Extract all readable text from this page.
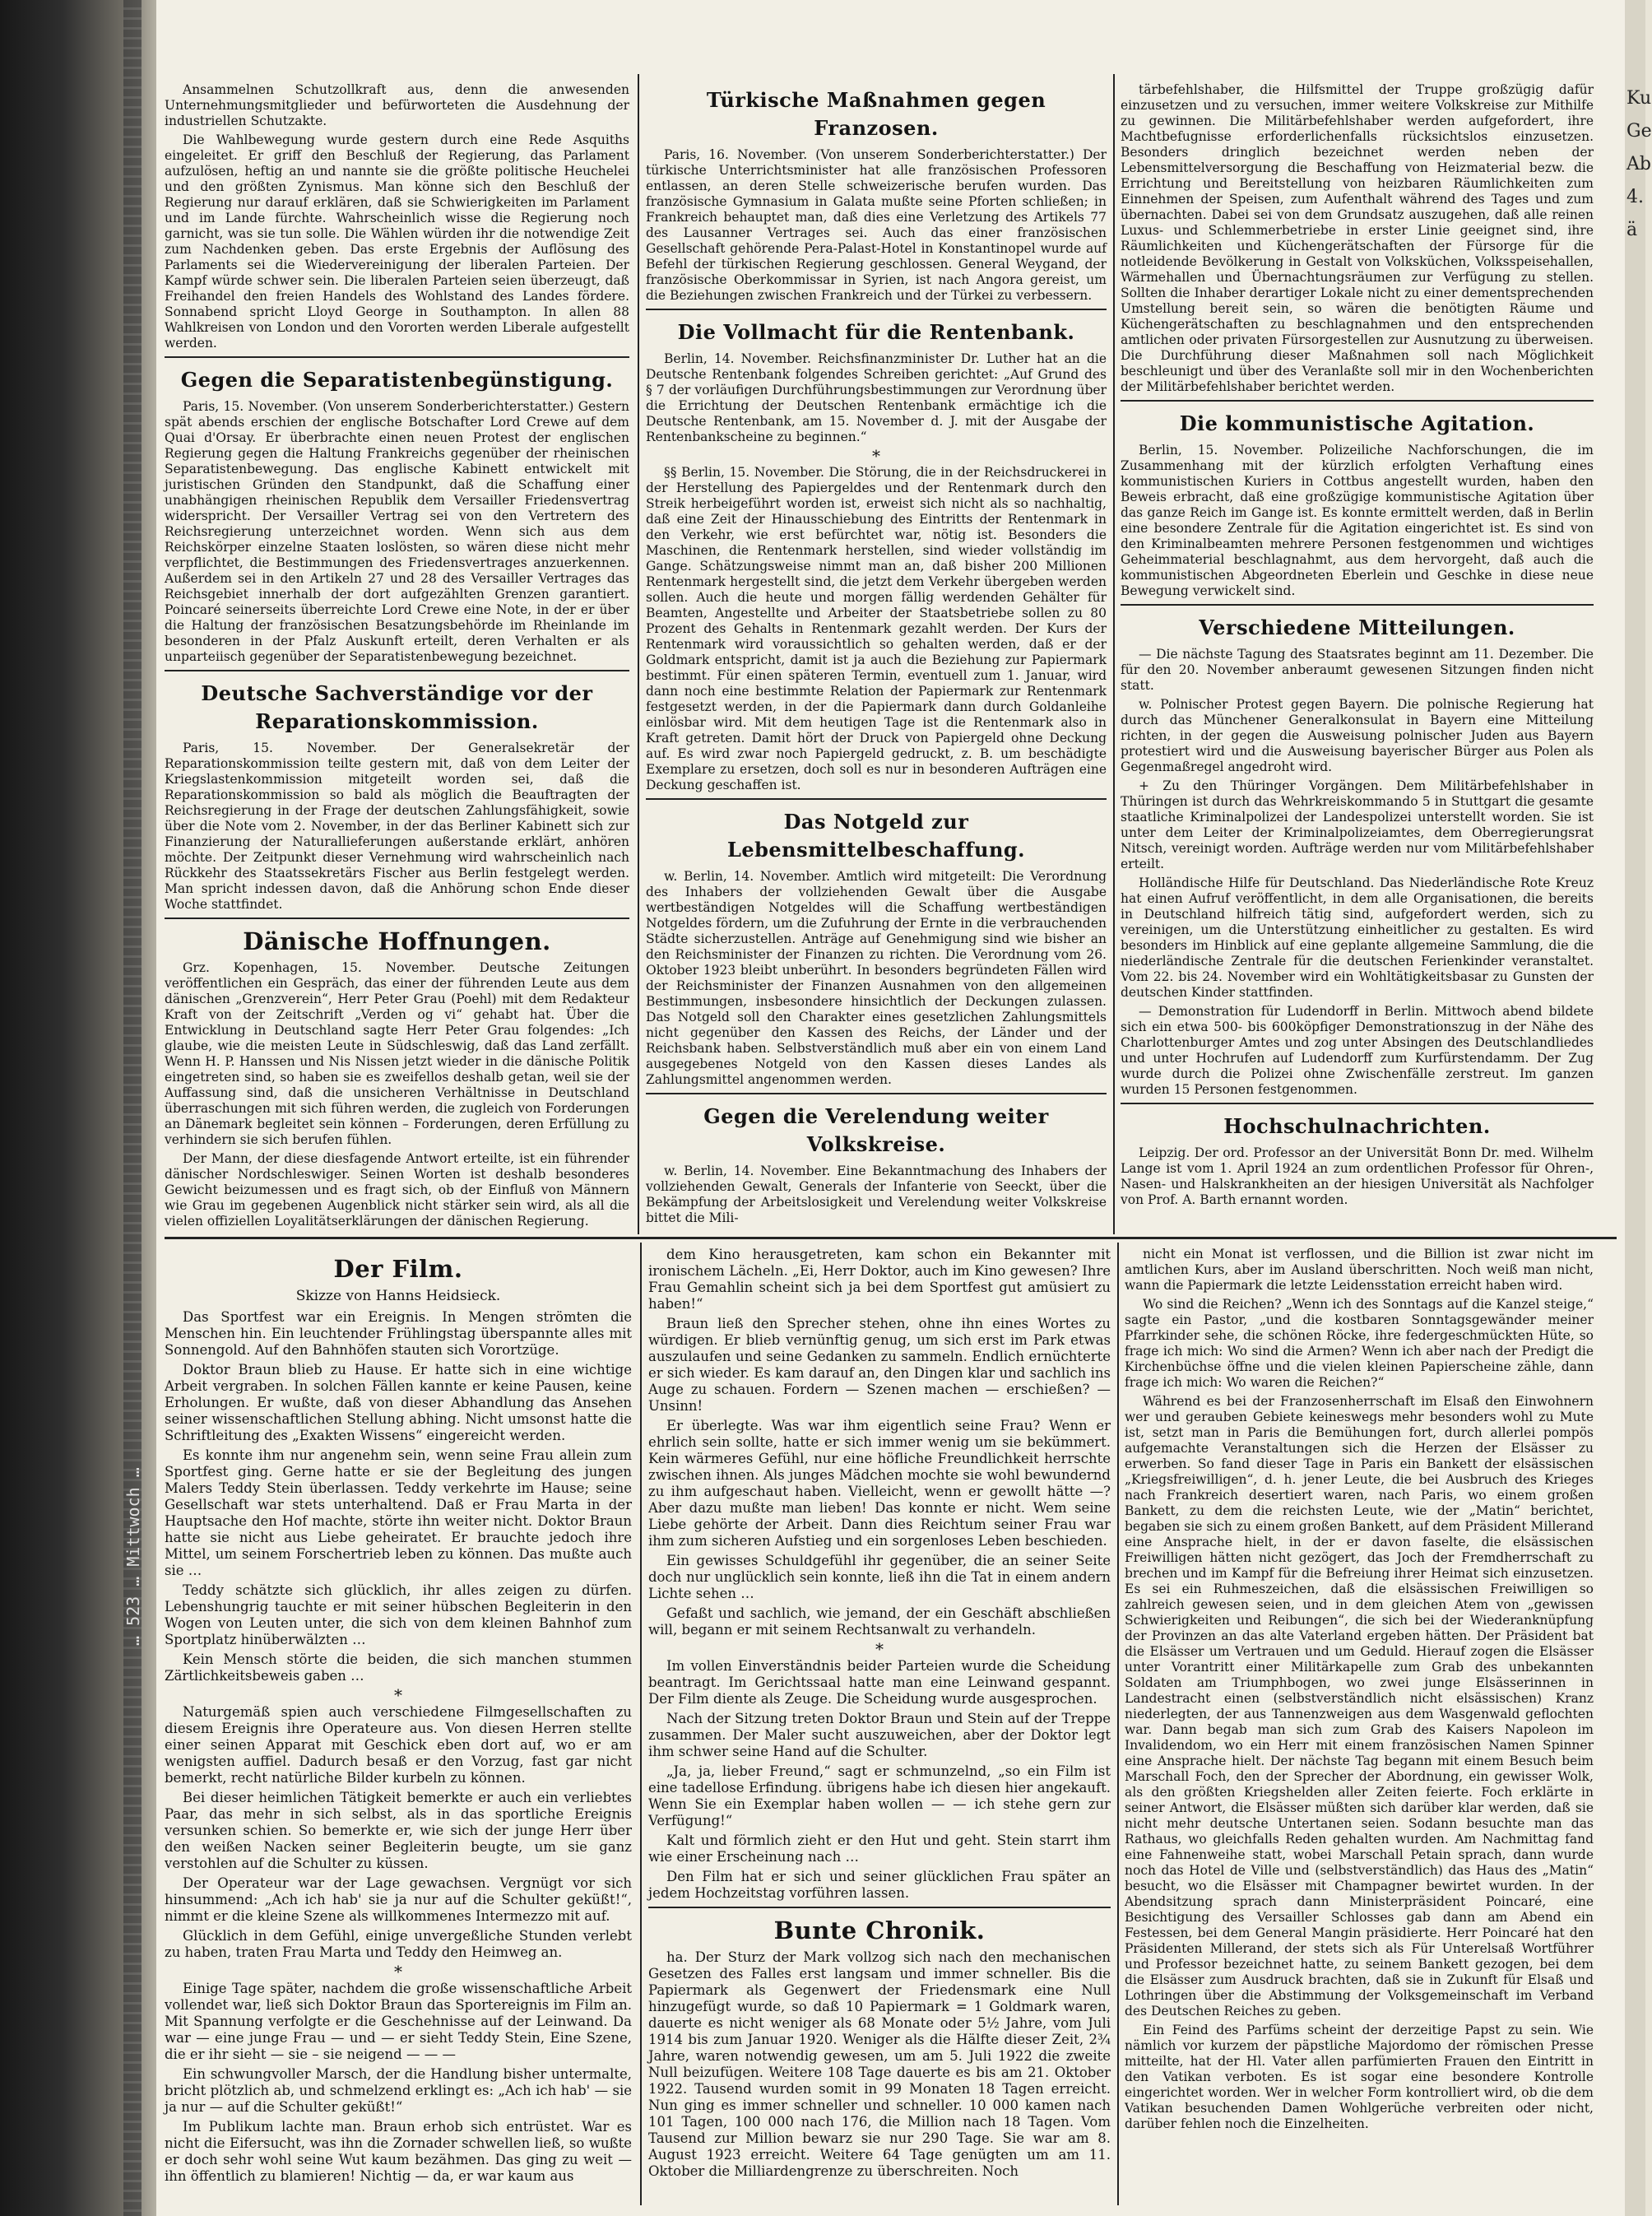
… 523 … Mittwoch …
Ku Ge Ab 4. ä

Ansammelnen Schutzollkraft aus, denn die anwesenden Unternehmungsmitglieder und befürworteten die Ausdehnung der industriellen Schutzakte.

Die Wahlbewegung wurde gestern durch eine Rede Asquiths eingeleitet. Er griff den Beschluß der Regierung, das Parlament aufzulösen, heftig an und nannte sie die größte politische Heuchelei und den größten Zynismus. Man könne sich den Beschluß der Regierung nur darauf erklären, daß sie Schwierigkeiten im Parlament und im Lande fürchte. Wahrscheinlich wisse die Regierung noch garnicht, was sie tun solle. Die Wählen würden ihr die notwendige Zeit zum Nachdenken geben. Das erste Ergebnis der Auflösung des Parlaments sei die Wiedervereinigung der liberalen Parteien. Der Kampf würde schwer sein. Die liberalen Parteien seien überzeugt, daß Freihandel den freien Handels des Wohlstand des Landes fördere. Sonnabend spricht Lloyd George in Southampton. In allen 88 Wahlkreisen von London und den Vororten werden Liberale aufgestellt werden.

Gegen die Separatistenbegünstigung.

Paris, 15. November. (Von unserem Sonderberichterstatter.) Gestern spät abends erschien der englische Botschafter Lord Crewe auf dem Quai d'Orsay. Er überbrachte einen neuen Protest der englischen Regierung gegen die Haltung Frankreichs gegenüber der rheinischen Separatistenbewegung. Das englische Kabinett entwickelt mit juristischen Gründen den Standpunkt, daß die Schaffung einer unabhängigen rheinischen Republik dem Versailler Friedensvertrag widerspricht. Der Versailler Vertrag sei von den Vertretern des Reichsregierung unterzeichnet worden. Wenn sich aus dem Reichskörper einzelne Staaten loslösten, so wären diese nicht mehr verpflichtet, die Bestimmungen des Friedensvertrages anzuerkennen. Außerdem sei in den Artikeln 27 und 28 des Versailler Vertrages das Reichsgebiet innerhalb der dort aufgezählten Grenzen garantiert. Poincaré seinerseits überreichte Lord Crewe eine Note, in der er über die Haltung der französischen Besatzungsbehörde im Rheinlande im besonderen in der Pfalz Auskunft erteilt, deren Verhalten er als unparteiisch gegenüber der Separatistenbewegung bezeichnet.

Deutsche Sachverständige vor der Reparationskommission.

Paris, 15. November. Der Generalsekretär der Reparationskommission teilte gestern mit, daß von dem Leiter der Kriegslastenkommission mitgeteilt worden sei, daß die Reparationskommission so bald als möglich die Beauftragten der Reichsregierung in der Frage der deutschen Zahlungsfähigkeit, sowie über die Note vom 2. November, in der das Berliner Kabinett sich zur Finanzierung der Naturallieferungen außerstande erklärt, anhören möchte. Der Zeitpunkt dieser Vernehmung wird wahrscheinlich nach Rückkehr des Staatssekretärs Fischer aus Berlin festgelegt werden. Man spricht indessen davon, daß die Anhörung schon Ende dieser Woche stattfindet.

Dänische Hoffnungen.

Grz. Kopenhagen, 15. November. Deutsche Zeitungen veröffentlichen ein Gespräch, das einer der führenden Leute aus dem dänischen „Grenzverein“, Herr Peter Grau (Poehl) mit dem Redakteur Kraft von der Zeitschrift „Verden og vi“ gehabt hat. Über die Entwicklung in Deutschland sagte Herr Peter Grau folgendes: „Ich glaube, wie die meisten Leute in Südschleswig, daß das Land zerfällt. Wenn H. P. Hanssen und Nis Nissen jetzt wieder in die dänische Politik eingetreten sind, so haben sie es zweifellos deshalb getan, weil sie der Auffassung sind, daß die unsicheren Verhältnisse in Deutschland überraschungen mit sich führen werden, die zugleich von Forderungen an Dänemark begleitet sein können – Forderungen, deren Erfüllung zu verhindern sie sich berufen fühlen.

Der Mann, der diese diesfagende Antwort erteilte, ist ein führender dänischer Nordschleswiger. Seinen Worten ist deshalb besonderes Gewicht beizumessen und es fragt sich, ob der Einfluß von Männern wie Grau im gegebenen Augenblick nicht stärker sein wird, als all die vielen offiziellen Loyalitätserklärungen der dänischen Regierung.

Türkische Maßnahmen gegen Franzosen.

Paris, 16. November. (Von unserem Sonderberichterstatter.) Der türkische Unterrichtsminister hat alle französischen Professoren entlassen, an deren Stelle schweizerische berufen wurden. Das französische Gymnasium in Galata mußte seine Pforten schließen; in Frankreich behauptet man, daß dies eine Verletzung des Artikels 77 des Lausanner Vertrages sei. Auch das einer französischen Gesellschaft gehörende Pera-Palast-Hotel in Konstantinopel wurde auf Befehl der türkischen Regierung geschlossen. General Weygand, der französische Oberkommissar in Syrien, ist nach Angora gereist, um die Beziehungen zwischen Frankreich und der Türkei zu verbessern.

Die Vollmacht für die Rentenbank.

Berlin, 14. November. Reichsfinanzminister Dr. Luther hat an die Deutsche Rentenbank folgendes Schreiben gerichtet: „Auf Grund des § 7 der vorläufigen Durchführungsbestimmungen zur Verordnung über die Errichtung der Deutschen Rentenbank ermächtige ich die Deutsche Rentenbank, am 15. November d. J. mit der Ausgabe der Rentenbankscheine zu beginnen.“

*

§§ Berlin, 15. November. Die Störung, die in der Reichsdruckerei in der Herstellung des Papiergeldes und der Rentenmark durch den Streik herbeigeführt worden ist, erweist sich nicht als so nachhaltig, daß eine Zeit der Hinausschiebung des Eintritts der Rentenmark in den Verkehr, wie erst befürchtet war, nötig ist. Besonders die Maschinen, die Rentenmark herstellen, sind wieder vollständig im Gange. Schätzungsweise nimmt man an, daß bisher 200 Millionen Rentenmark hergestellt sind, die jetzt dem Verkehr übergeben werden sollen. Auch die heute und morgen fällig werdenden Gehälter für Beamten, Angestellte und Arbeiter der Staatsbetriebe sollen zu 80 Prozent des Gehalts in Rentenmark gezahlt werden. Der Kurs der Rentenmark wird voraussichtlich so gehalten werden, daß er der Goldmark entspricht, damit ist ja auch die Beziehung zur Papiermark bestimmt. Für einen späteren Termin, eventuell zum 1. Januar, wird dann noch eine bestimmte Relation der Papiermark zur Rentenmark festgesetzt werden, in der die Papiermark dann durch Goldanleihe einlösbar wird. Mit dem heutigen Tage ist die Rentenmark also in Kraft getreten. Damit hört der Druck von Papiergeld ohne Deckung auf. Es wird zwar noch Papiergeld gedruckt, z. B. um beschädigte Exemplare zu ersetzen, doch soll es nur in besonderen Aufträgen eine Deckung geschaffen ist.

Das Notgeld zur Lebensmittelbeschaffung.

w. Berlin, 14. November. Amtlich wird mitgeteilt: Die Verordnung des Inhabers der vollziehenden Gewalt über die Ausgabe wertbeständigen Notgeldes will die Schaffung wertbeständigen Notgeldes fördern, um die Zufuhrung der Ernte in die verbrauchenden Städte sicherzustellen. Anträge auf Genehmigung sind wie bisher an den Reichsminister der Finanzen zu richten. Die Verordnung vom 26. Oktober 1923 bleibt unberührt. In besonders begründeten Fällen wird der Reichsminister der Finanzen Ausnahmen von den allgemeinen Bestimmungen, insbesondere hinsichtlich der Deckungen zulassen. Das Notgeld soll den Charakter eines gesetzlichen Zahlungsmittels nicht gegenüber den Kassen des Reichs, der Länder und der Reichsbank haben. Selbstverständlich muß aber ein von einem Land ausgegebenes Notgeld von den Kassen dieses Landes als Zahlungsmittel angenommen werden.

Gegen die Verelendung weiter Volkskreise.

w. Berlin, 14. November. Eine Bekanntmachung des Inhabers der vollziehenden Gewalt, Generals der Infanterie von Seeckt, über die Bekämpfung der Arbeitslosigkeit und Verelendung weiter Volkskreise bittet die Mili-

tärbefehlshaber, die Hilfsmittel der Truppe großzügig dafür einzusetzen und zu versuchen, immer weitere Volkskreise zur Mithilfe zu gewinnen. Die Militärbefehlshaber werden aufgefordert, ihre Machtbefugnisse erforderlichenfalls rücksichtslos einzusetzen. Besonders dringlich bezeichnet werden neben der Lebensmittelversorgung die Beschaffung von Heizmaterial bezw. die Errichtung und Bereitstellung von heizbaren Räumlichkeiten zum Einnehmen der Speisen, zum Aufenthalt während des Tages und zum übernachten. Dabei sei von dem Grundsatz auszugehen, daß alle reinen Luxus- und Schlemmerbetriebe in erster Linie geeignet sind, ihre Räumlichkeiten und Küchengerätschaften der Fürsorge für die notleidende Bevölkerung in Gestalt von Volksküchen, Volksspeisehallen, Wärmehallen und Übernachtungsräumen zur Verfügung zu stellen. Sollten die Inhaber derartiger Lokale nicht zu einer dementsprechenden Umstellung bereit sein, so wären die benötigten Räume und Küchengerätschaften zu beschlagnahmen und den entsprechenden amtlichen oder privaten Fürsorgestellen zur Ausnutzung zu überweisen. Die Durchführung dieser Maßnahmen soll nach Möglichkeit beschleunigt und über des Veranlaßte soll mir in den Wochenberichten der Militärbefehlshaber berichtet werden.

Die kommunistische Agitation.

Berlin, 15. November. Polizeiliche Nachforschungen, die im Zusammenhang mit der kürzlich erfolgten Verhaftung eines kommunistischen Kuriers in Cottbus angestellt wurden, haben den Beweis erbracht, daß eine großzügige kommunistische Agitation über das ganze Reich im Gange ist. Es konnte ermittelt werden, daß in Berlin eine besondere Zentrale für die Agitation eingerichtet ist. Es sind von den Kriminalbeamten mehrere Personen festgenommen und wichtiges Geheimmaterial beschlagnahmt, aus dem hervorgeht, daß auch die kommunistischen Abgeordneten Eberlein und Geschke in diese neue Bewegung verwickelt sind.

Verschiedene Mitteilungen.

— Die nächste Tagung des Staatsrates beginnt am 11. Dezember. Die für den 20. November anberaumt gewesenen Sitzungen finden nicht statt.

w. Polnischer Protest gegen Bayern. Die polnische Regierung hat durch das Münchener Generalkonsulat in Bayern eine Mitteilung richten, in der gegen die Ausweisung polnischer Juden aus Bayern protestiert wird und die Ausweisung bayerischer Bürger aus Polen als Gegenmaßregel angedroht wird.

+ Zu den Thüringer Vorgängen. Dem Militärbefehlshaber in Thüringen ist durch das Wehrkreiskommando 5 in Stuttgart die gesamte staatliche Kriminalpolizei der Landespolizei unterstellt worden. Sie ist unter dem Leiter der Kriminalpolizeiamtes, dem Oberregierungsrat Nitsch, vereinigt worden. Aufträge werden nur vom Militärbefehlshaber erteilt.

Holländische Hilfe für Deutschland. Das Niederländische Rote Kreuz hat einen Aufruf veröffentlicht, in dem alle Organisationen, die bereits in Deutschland hilfreich tätig sind, aufgefordert werden, sich zu vereinigen, um die Unterstützung einheitlicher zu gestalten. Es wird besonders im Hinblick auf eine geplante allgemeine Sammlung, die die niederländische Zentrale für die deutschen Ferienkinder veranstaltet. Vom 22. bis 24. November wird ein Wohltätigkeitsbasar zu Gunsten der deutschen Kinder stattfinden.

— Demonstration für Ludendorff in Berlin. Mittwoch abend bildete sich ein etwa 500- bis 600köpfiger Demonstrationszug in der Nähe des Charlottenburger Amtes und zog unter Absingen des Deutschlandliedes und unter Hochrufen auf Ludendorff zum Kurfürstendamm. Der Zug wurde durch die Polizei ohne Zwischenfälle zerstreut. Im ganzen wurden 15 Personen festgenommen.

Hochschulnachrichten.

Leipzig. Der ord. Professor an der Universität Bonn Dr. med. Wilhelm Lange ist vom 1. April 1924 an zum ordentlichen Professor für Ohren-, Nasen- und Halskrankheiten an der hiesigen Universität als Nachfolger von Prof. A. Barth ernannt worden.

Der Film.
Skizze von Hanns Heidsieck.

Das Sportfest war ein Ereignis. In Mengen strömten die Menschen hin. Ein leuchtender Frühlingstag überspannte alles mit Sonnengold. Auf den Bahnhöfen stauten sich Vorortzüge.

Doktor Braun blieb zu Hause. Er hatte sich in eine wichtige Arbeit vergraben. In solchen Fällen kannte er keine Pausen, keine Erholungen. Er wußte, daß von dieser Abhandlung das Ansehen seiner wissenschaftlichen Stellung abhing. Nicht umsonst hatte die Schriftleitung des „Exakten Wissens“ eingereicht werden.

Es konnte ihm nur angenehm sein, wenn seine Frau allein zum Sportfest ging. Gerne hatte er sie der Begleitung des jungen Malers Teddy Stein überlassen. Teddy verkehrte im Hause; seine Gesellschaft war stets unterhaltend. Daß er Frau Marta in der Hauptsache den Hof machte, störte ihn weiter nicht. Doktor Braun hatte sie nicht aus Liebe geheiratet. Er brauchte jedoch ihre Mittel, um seinem Forschertrieb leben zu können. Das mußte auch sie …

Teddy schätzte sich glücklich, ihr alles zeigen zu dürfen. Lebenshungrig tauchte er mit seiner hübschen Begleiterin in den Wogen von Leuten unter, die sich von dem kleinen Bahnhof zum Sportplatz hinüberwälzten …

Kein Mensch störte die beiden, die sich manchen stummen Zärtlichkeitsbeweis gaben …

*

Naturgemäß spien auch verschiedene Filmgesellschaften zu diesem Ereignis ihre Operateure aus. Von diesen Herren stellte einer seinen Apparat mit Geschick eben dort auf, wo er am wenigsten auffiel. Dadurch besaß er den Vorzug, fast gar nicht bemerkt, recht natürliche Bilder kurbeln zu können.

Bei dieser heimlichen Tätigkeit bemerkte er auch ein verliebtes Paar, das mehr in sich selbst, als in das sportliche Ereignis versunken schien. So bemerkte er, wie sich der junge Herr über den weißen Nacken seiner Begleiterin beugte, um sie ganz verstohlen auf die Schulter zu küssen.

Der Operateur war der Lage gewachsen. Vergnügt vor sich hinsummend: „Ach ich hab' sie ja nur auf die Schulter geküßt!“, nimmt er die kleine Szene als willkommenes Intermezzo mit auf.

Glücklich in dem Gefühl, einige unvergeßliche Stunden verlebt zu haben, traten Frau Marta und Teddy den Heimweg an.

*

Einige Tage später, nachdem die große wissenschaftliche Arbeit vollendet war, ließ sich Doktor Braun das Sportereignis im Film an. Mit Spannung verfolgte er die Geschehnisse auf der Leinwand. Da war — eine junge Frau — und — er sieht Teddy Stein, Eine Szene, die er ihr sieht — sie – sie neigend — — —

Ein schwungvoller Marsch, der die Handlung bisher untermalte, bricht plötzlich ab, und schmelzend erklingt es: „Ach ich hab' — sie ja nur — auf die Schulter geküßt!“

Im Publikum lachte man. Braun erhob sich entrüstet. War es nicht die Eifersucht, was ihn die Zornader schwellen ließ, so wußte er doch sehr wohl seine Wut kaum bezähmen. Das ging zu weit — ihn öffentlich zu blamieren! Nichtig — da, er war kaum aus

dem Kino herausgetreten, kam schon ein Bekannter mit ironischem Lächeln. „Ei, Herr Doktor, auch im Kino gewesen? Ihre Frau Gemahlin scheint sich ja bei dem Sportfest gut amüsiert zu haben!“

Braun ließ den Sprecher stehen, ohne ihn eines Wortes zu würdigen. Er blieb vernünftig genug, um sich erst im Park etwas auszulaufen und seine Gedanken zu sammeln. Endlich ernüchterte er sich wieder. Es kam darauf an, den Dingen klar und sachlich ins Auge zu schauen. Fordern — Szenen machen — erschießen? — Unsinn!

Er überlegte. Was war ihm eigentlich seine Frau? Wenn er ehrlich sein sollte, hatte er sich immer wenig um sie bekümmert. Kein wärmeres Gefühl, nur eine höfliche Freundlichkeit herrschte zwischen ihnen. Als junges Mädchen mochte sie wohl bewundernd zu ihm aufgeschaut haben. Vielleicht, wenn er gewollt hätte —? Aber dazu mußte man lieben! Das konnte er nicht. Wem seine Liebe gehörte der Arbeit. Dann dies Reichtum seiner Frau war ihm zum sicheren Aufstieg und ein sorgenloses Leben beschieden.

Ein gewisses Schuldgefühl ihr gegenüber, die an seiner Seite doch nur unglücklich sein konnte, ließ ihn die Tat in einem andern Lichte sehen …

Gefaßt und sachlich, wie jemand, der ein Geschäft abschließen will, begann er mit seinem Rechtsanwalt zu verhandeln.

*

Im vollen Einverständnis beider Parteien wurde die Scheidung beantragt. Im Gerichtssaal hatte man eine Leinwand gespannt. Der Film diente als Zeuge. Die Scheidung wurde ausgesprochen.

Nach der Sitzung treten Doktor Braun und Stein auf der Treppe zusammen. Der Maler sucht auszuweichen, aber der Doktor legt ihm schwer seine Hand auf die Schulter.

„Ja, ja, lieber Freund,“ sagt er schmunzelnd, „so ein Film ist eine tadellose Erfindung. übrigens habe ich diesen hier angekauft. Wenn Sie ein Exemplar haben wollen — — ich stehe gern zur Verfügung!“

Kalt und förmlich zieht er den Hut und geht. Stein starrt ihm wie einer Erscheinung nach …

Den Film hat er sich und seiner glücklichen Frau später an jedem Hochzeitstag vorführen lassen.

Bunte Chronik.

ha. Der Sturz der Mark vollzog sich nach den mechanischen Gesetzen des Falles erst langsam und immer schneller. Bis die Papiermark als Gegenwert der Friedensmark eine Null hinzugefügt wurde, so daß 10 Papiermark = 1 Goldmark waren, dauerte es nicht weniger als 68 Monate oder 5½ Jahre, vom Juli 1914 bis zum Januar 1920. Weniger als die Hälfte dieser Zeit, 2¾ Jahre, waren notwendig gewesen, um am 5. Juli 1922 die zweite Null beizufügen. Weitere 108 Tage dauerte es bis am 21. Oktober 1922. Tausend wurden somit in 99 Monaten 18 Tagen erreicht. Nun ging es immer schneller und schneller. 10 000 kamen nach 101 Tagen, 100 000 nach 176, die Million nach 18 Tagen. Vom Tausend zur Million bewarz sie nur 290 Tage. Sie war am 8. August 1923 erreicht. Weitere 64 Tage genügten um am 11. Oktober die Milliardengrenze zu überschreiten. Noch

nicht ein Monat ist verflossen, und die Billion ist zwar nicht im amtlichen Kurs, aber im Ausland überschritten. Noch weiß man nicht, wann die Papiermark die letzte Leidensstation erreicht haben wird.

Wo sind die Reichen? „Wenn ich des Sonntags auf die Kanzel steige,“ sagte ein Pastor, „und die kostbaren Sonntagsgewänder meiner Pfarrkinder sehe, die schönen Röcke, ihre federgeschmückten Hüte, so frage ich mich: Wo sind die Armen? Wenn ich aber nach der Predigt die Kirchenbüchse öffne und die vielen kleinen Papierscheine zähle, dann frage ich mich: Wo waren die Reichen?“

Während es bei der Franzosenherrschaft im Elsaß den Einwohnern wer und gerauben Gebiete keineswegs mehr besonders wohl zu Mute ist, setzt man in Paris die Bemühungen fort, durch allerlei pompös aufgemachte Veranstaltungen sich die Herzen der Elsässer zu erwerben. So fand dieser Tage in Paris ein Bankett der elsässischen „Kriegsfreiwilligen“, d. h. jener Leute, die bei Ausbruch des Krieges nach Frankreich desertiert waren, nach Paris, wo einem großen Bankett, zu dem die reichsten Leute, wie der „Matin“ berichtet, begaben sie sich zu einem großen Bankett, auf dem Präsident Millerand eine Ansprache hielt, in der er davon faselte, die elsässischen Freiwilligen hätten nicht gezögert, das Joch der Fremdherrschaft zu brechen und im Kampf für die Befreiung ihrer Heimat sich einzusetzen. Es sei ein Ruhmeszeichen, daß die elsässischen Freiwilligen so zahlreich gewesen seien, und in dem gleichen Atem von „gewissen Schwierigkeiten und Reibungen“, die sich bei der Wiederanknüpfung der Provinzen an das alte Vaterland ergeben hätten. Der Präsident bat die Elsässer um Vertrauen und um Geduld. Hierauf zogen die Elsässer unter Vorantritt einer Militärkapelle zum Grab des unbekannten Soldaten am Triumphbogen, wo zwei junge Elsässerinnen in Landestracht einen (selbstverständlich nicht elsässischen) Kranz niederlegten, der aus Tannenzweigen aus dem Wasgenwald geflochten war. Dann begab man sich zum Grab des Kaisers Napoleon im Invalidendom, wo ein Herr mit einem französischen Namen Spinner eine Ansprache hielt. Der nächste Tag begann mit einem Besuch beim Marschall Foch, den der Sprecher der Abordnung, ein gewisser Wolk, als den größten Kriegshelden aller Zeiten feierte. Foch erklärte in seiner Antwort, die Elsässer müßten sich darüber klar werden, daß sie nicht mehr deutsche Untertanen seien. Sodann besuchte man das Rathaus, wo gleichfalls Reden gehalten wurden. Am Nachmittag fand eine Fahnenweihe statt, wobei Marschall Petain sprach, dann wurde noch das Hotel de Ville und (selbstverständlich) das Haus des „Matin“ besucht, wo die Elsässer mit Champagner bewirtet wurden. In der Abendsitzung sprach dann Ministerpräsident Poincaré, eine Besichtigung des Versailler Schlosses gab dann am Abend ein Festessen, bei dem General Mangin präsidierte. Herr Poincaré hat den Präsidenten Millerand, der stets sich als Für Unterelsaß Wortführer und Professor bezeichnet hatte, zu seinem Bankett gezogen, bei dem die Elsässer zum Ausdruck brachten, daß sie in Zukunft für Elsaß und Lothringen über die Abstimmung der Volksgemeinschaft im Verband des Deutschen Reiches zu geben.

Ein Feind des Parfüms scheint der derzeitige Papst zu sein. Wie nämlich vor kurzem der päpstliche Majordomo der römischen Presse mitteilte, hat der Hl. Vater allen parfümierten Frauen den Eintritt in den Vatikan verboten. Es ist sogar eine besondere Kontrolle eingerichtet worden. Wer in welcher Form kontrolliert wird, ob die dem Vatikan besuchenden Damen Wohlgerüche verbreiten oder nicht, darüber fehlen noch die Einzelheiten.
